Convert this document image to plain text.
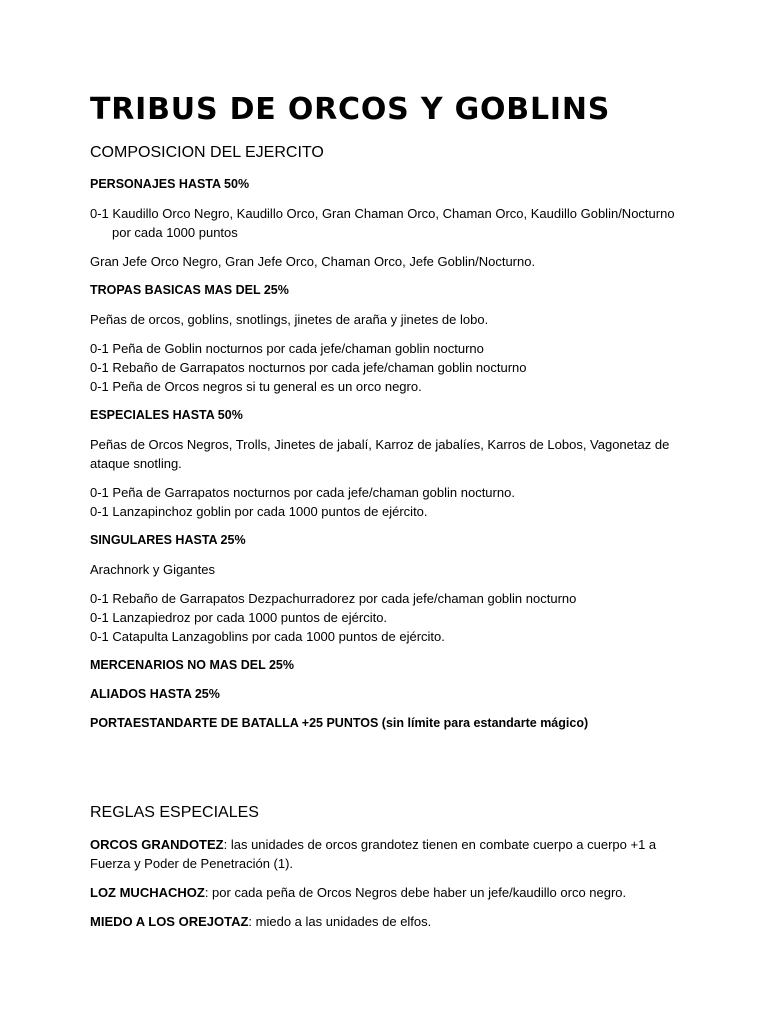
TRIBUS DE ORCOS Y GOBLINS
COMPOSICION DEL EJERCITO

PERSONAJES HASTA 50%

0-1 Kaudillo Orco Negro, Kaudillo Orco, Gran Chaman Orco, Chaman Orco, Kaudillo Goblin/Nocturno por cada 1000 puntos

Gran Jefe Orco Negro, Gran Jefe Orco, Chaman Orco, Jefe Goblin/Nocturno.

TROPAS BASICAS MAS DEL 25%

Peñas de orcos, goblins, snotlings, jinetes de araña y jinetes de lobo.

0-1 Peña de Goblin nocturnos por cada jefe/chaman goblin nocturno

0-1 Rebaño de Garrapatos nocturnos por cada jefe/chaman goblin nocturno

0-1 Peña de Orcos negros si tu general es un orco negro.

ESPECIALES HASTA 50%

Peñas de Orcos Negros, Trolls, Jinetes de jabalí, Karroz de jabalíes, Karros de Lobos, Vagonetaz de ataque snotling.

0-1 Peña de Garrapatos nocturnos por cada jefe/chaman goblin nocturno.

0-1 Lanzapinchoz goblin por cada 1000 puntos de ejército.

SINGULARES HASTA 25%

Arachnork y Gigantes

0-1 Rebaño de Garrapatos Dezpachurradorez por cada jefe/chaman goblin nocturno

0-1 Lanzapiedroz por cada 1000 puntos de ejército.

0-1 Catapulta Lanzagoblins por cada 1000 puntos de ejército.

MERCENARIOS NO MAS DEL 25%

ALIADOS HASTA 25%

PORTAESTANDARTE DE BATALLA +25 PUNTOS (sin límite para estandarte mágico)

REGLAS ESPECIALES

ORCOS GRANDOTEZ: las unidades de orcos grandotez tienen en combate cuerpo a cuerpo +1 a Fuerza y Poder de Penetración (1).

LOZ MUCHACHOZ: por cada peña de Orcos Negros debe haber un jefe/kaudillo orco negro.

MIEDO A LOS OREJOTAZ: miedo a las unidades de elfos.
